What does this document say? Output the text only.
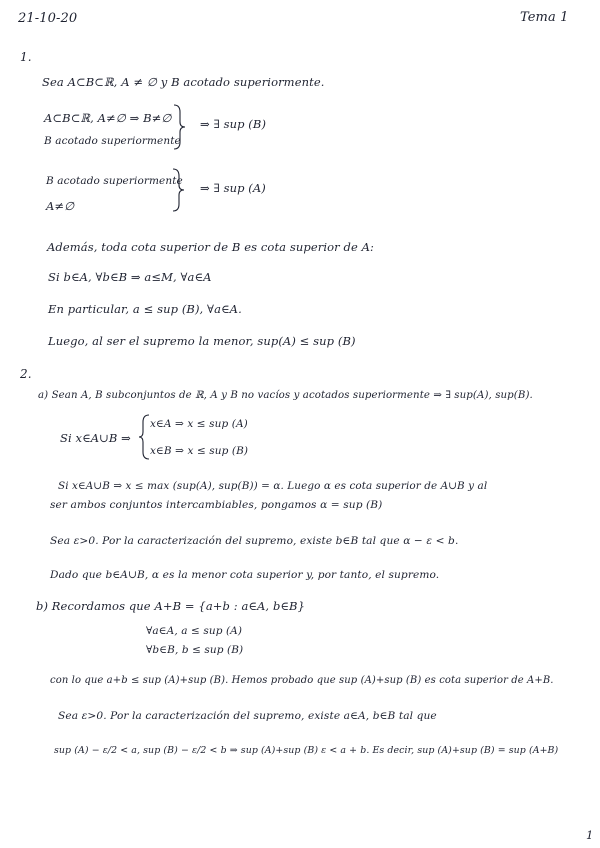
21-10-20	Tema 1
1.
Sea A⊂B⊂ℝ, A ≠ ∅ y B acotado superiormente.
A⊂B⊂ℝ, A≠∅ ⇒ B≠∅
B acotado superiormente
⇒ ∃ sup (B)
B acotado superiormente
A≠∅
⇒ ∃ sup (A)
Además, toda cota superior de B es cota superior de A:
Si b∈A, ∀b∈B ⇒ a≤M, ∀a∈A
En particular, a ≤ sup (B), ∀a∈A.
Luego, al ser el supremo la menor, sup(A) ≤ sup (B)
2.
a) Sean A, B subconjuntos de ℝ, A y B no vacíos y acotados superiormente ⇒ ∃ sup(A), sup(B).
Si x∈A∪B ⇒
x∈A ⇒ x ≤ sup (A)
x∈B ⇒ x ≤ sup (B)
Si x∈A∪B ⇒ x ≤ max (sup(A), sup(B)) = α. Luego α es cota superior de A∪B y al
ser ambos conjuntos intercambiables, pongamos α = sup (B)
Sea ε>0. Por la caracterización del supremo, existe b∈B tal que α − ε < b.
Dado que b∈A∪B, α es la menor cota superior y, por tanto, el supremo.
b) Recordamos que A+B = {a+b : a∈A, b∈B}
∀a∈A, a ≤ sup (A)
∀b∈B, b ≤ sup (B)
con lo que a+b ≤ sup (A)+sup (B). Hemos probado que sup (A)+sup (B) es cota superior de A+B.
Sea ε>0. Por la caracterización del supremo, existe a∈A, b∈B tal que
sup (A) − ε/2 < a, sup (B) − ε/2 < b ⇒ sup (A)+sup (B) ε < a + b. Es decir, sup (A)+sup (B) = sup (A+B)
1
